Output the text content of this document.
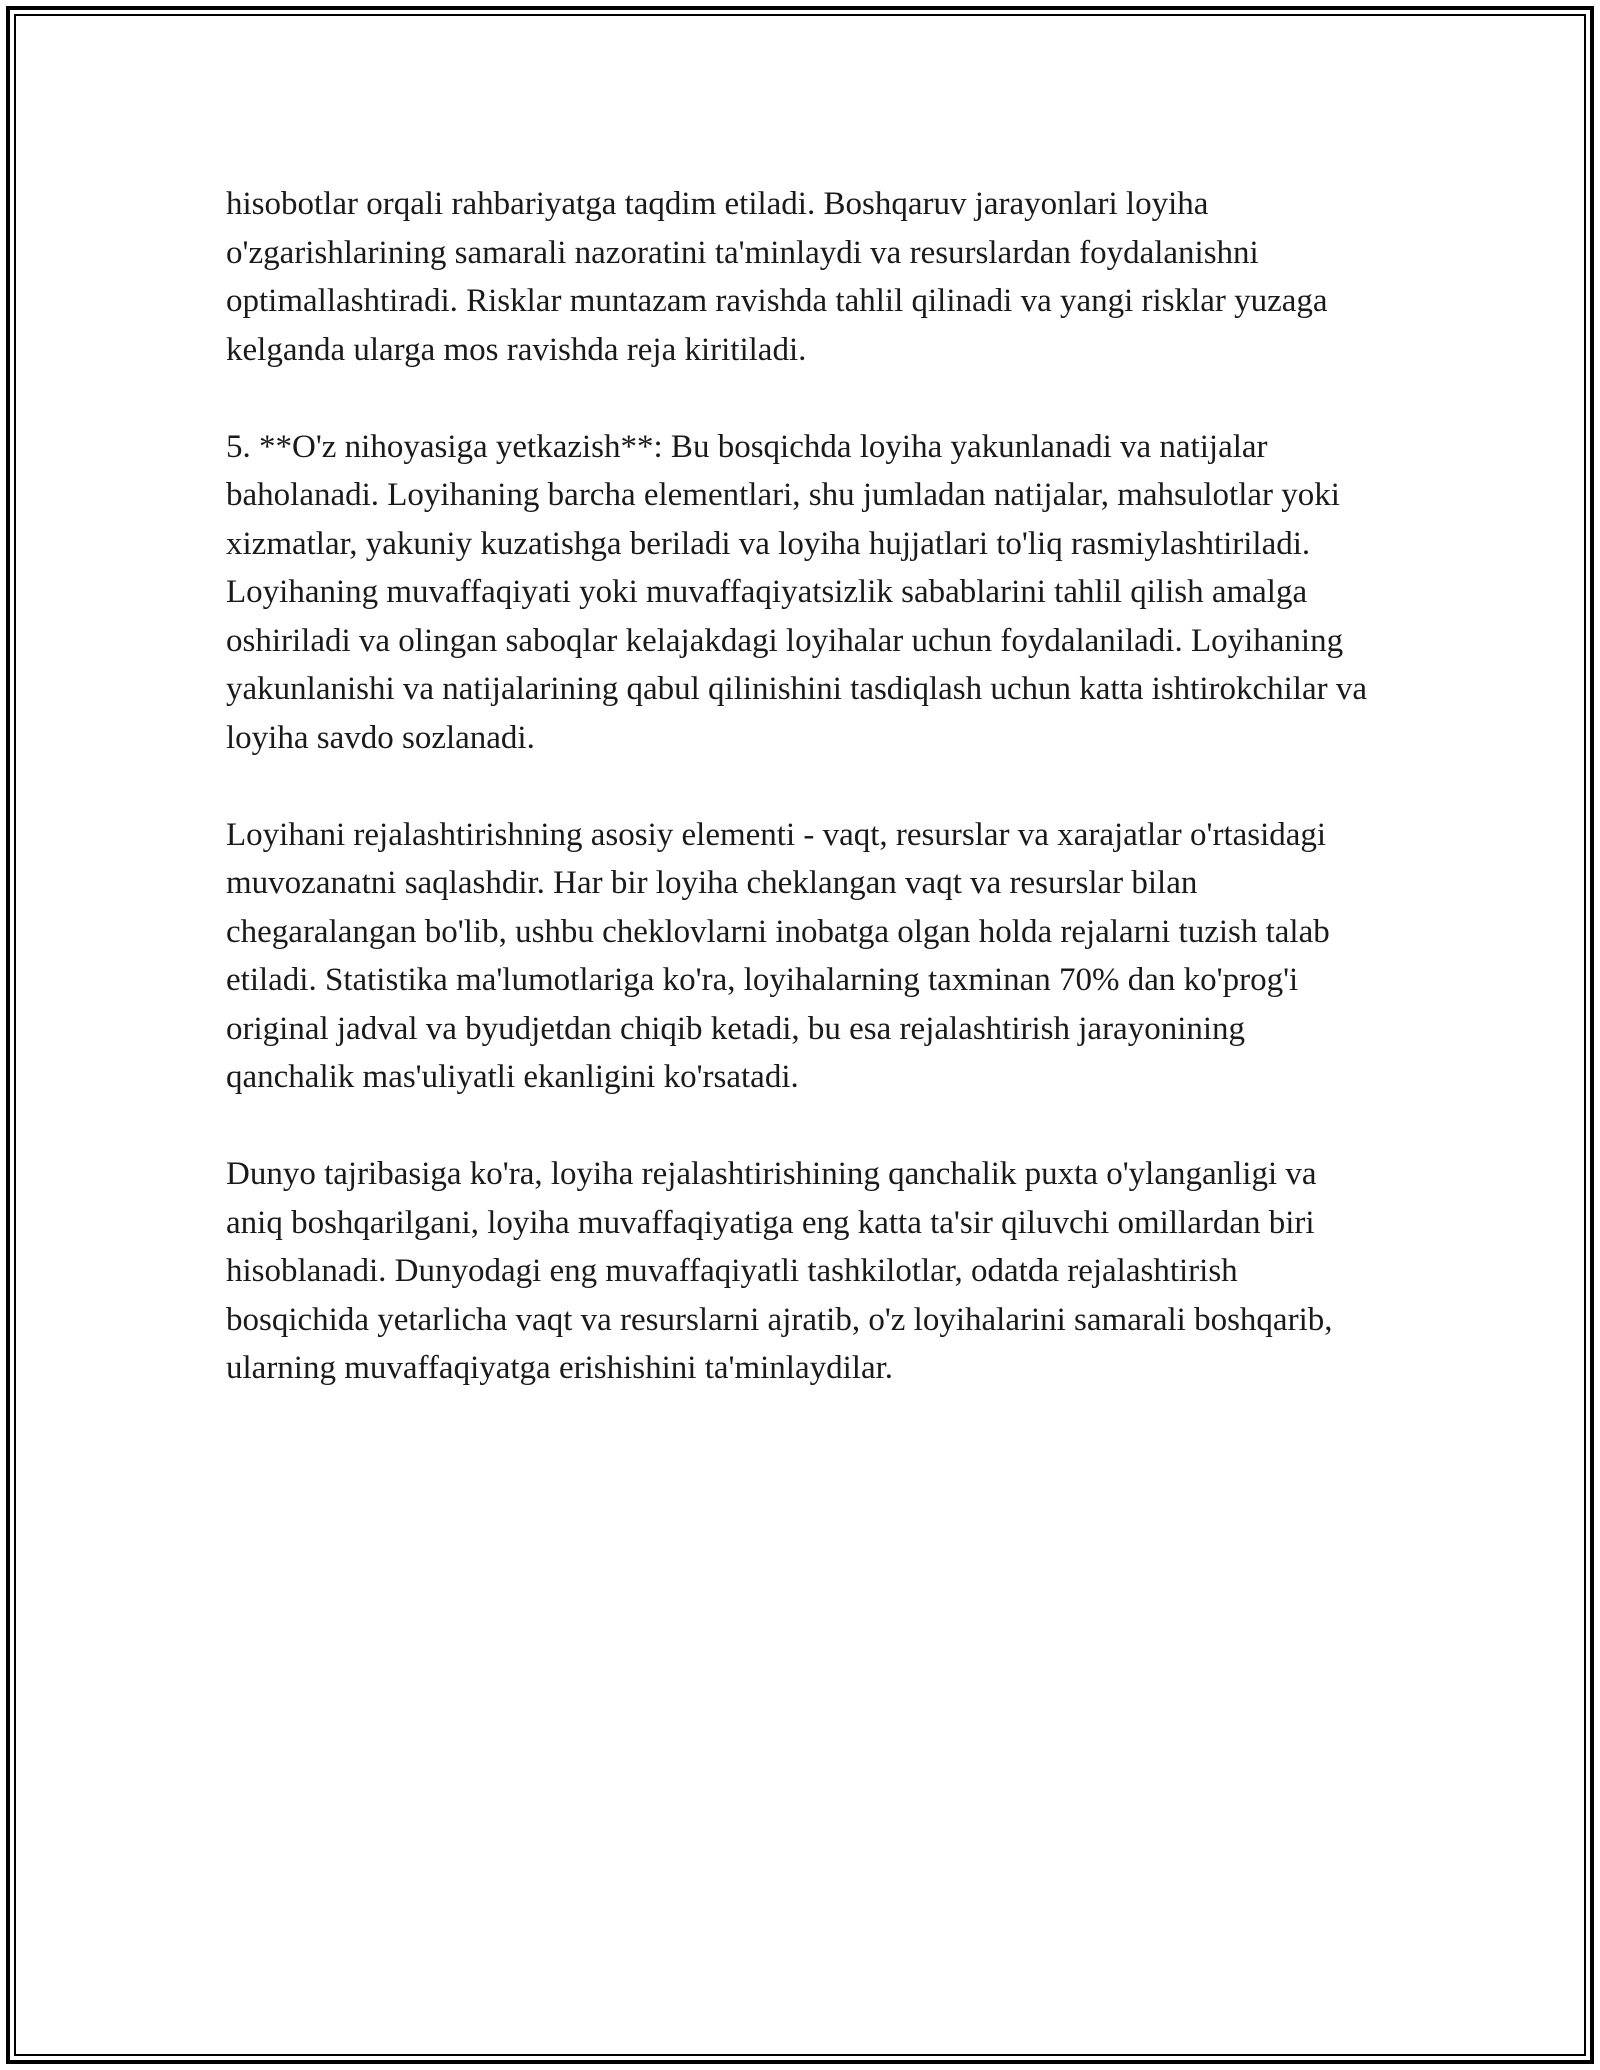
hisobotlar orqali rahbariyatga taqdim etiladi. Boshqaruv jarayonlari loyiha o'zgarishlarining samarali nazoratini ta'minlaydi va resurslardan foydalanishni optimallashtiradi. Risklar muntazam ravishda tahlil qilinadi va yangi risklar yuzaga kelganda ularga mos ravishda reja kiritiladi.

5. **O'z nihoyasiga yetkazish**: Bu bosqichda loyiha yakunlanadi va natijalar baholanadi. Loyihaning barcha elementlari, shu jumladan natijalar, mahsulotlar yoki xizmatlar, yakuniy kuzatishga beriladi va loyiha hujjatlari to'liq rasmiylashtiriladi. Loyihaning muvaffaqiyati yoki muvaffaqiyatsizlik sabablarini tahlil qilish amalga oshiriladi va olingan saboqlar kelajakdagi loyihalar uchun foydalaniladi. Loyihaning yakunlanishi va natijalarining qabul qilinishini tasdiqlash uchun katta ishtirokchilar va loyiha savdo sozlanadi.

Loyihani rejalashtirishning asosiy elementi - vaqt, resurslar va xarajatlar o'rtasidagi muvozanatni saqlashdir. Har bir loyiha cheklangan vaqt va resurslar bilan chegaralangan bo'lib, ushbu cheklovlarni inobatga olgan holda rejalarni tuzish talab etiladi. Statistika ma'lumotlariga ko'ra, loyihalarning taxminan 70% dan ko'prog'i original jadval va byudjetdan chiqib ketadi, bu esa rejalashtirish jarayonining qanchalik mas'uliyatli ekanligini ko'rsatadi.

Dunyo tajribasiga ko'ra, loyiha rejalashtirishining qanchalik puxta o'ylanganligi va aniq boshqarilgani, loyiha muvaffaqiyatiga eng katta ta'sir qiluvchi omillardan biri hisoblanadi. Dunyodagi eng muvaffaqiyatli tashkilotlar, odatda rejalashtirish bosqichida yetarlicha vaqt va resurslarni ajratib, o'z loyihalarini samarali boshqarib, ularning muvaffaqiyatga erishishini ta'minlaydilar.
